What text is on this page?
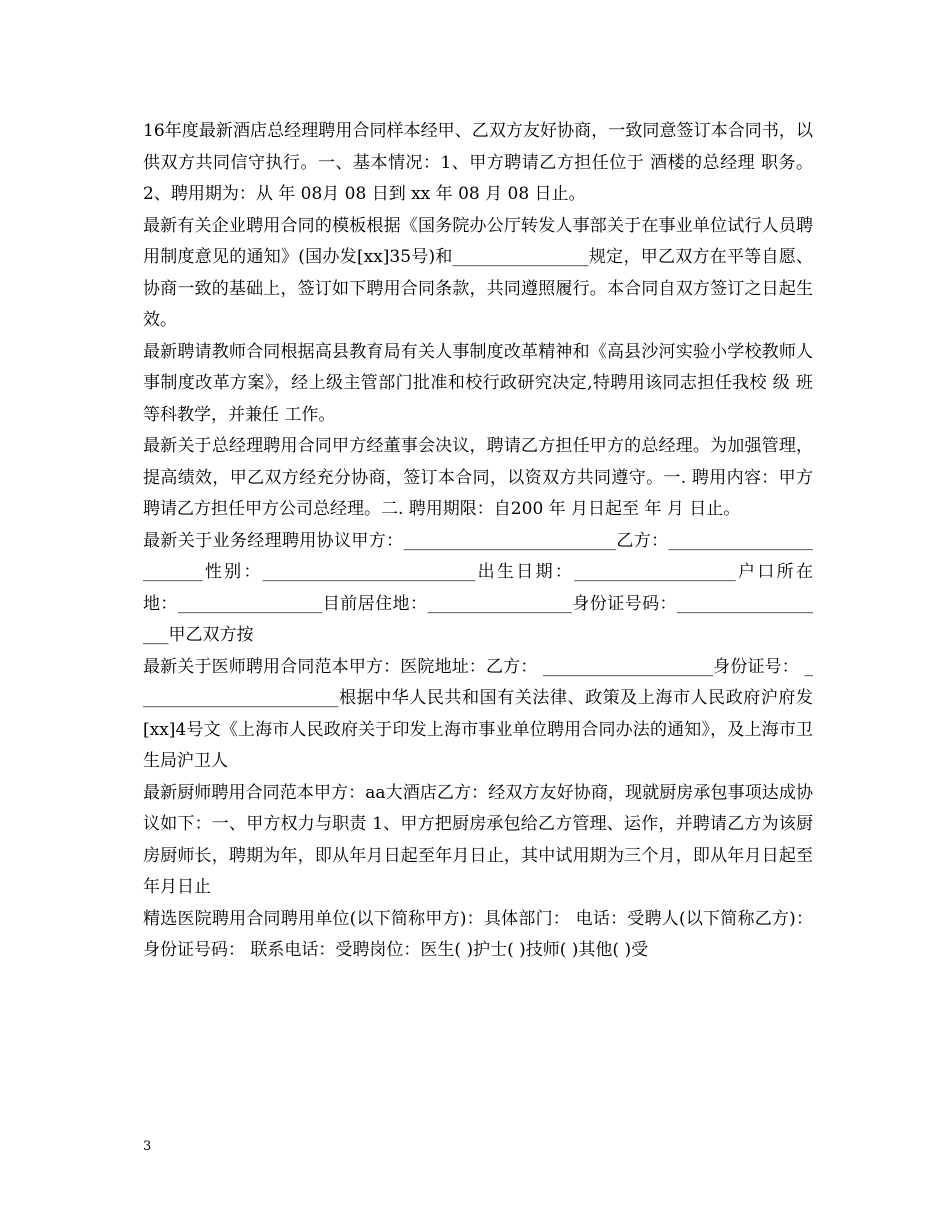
16年度最新酒店总经理聘用合同样本经甲、乙双方友好协商，一致同意签订本合同书，以供双方共同信守执行。一、基本情况：1、甲方聘请乙方担任位于 酒楼的总经理 职务。2、聘用期为：从 年 08月 08 日到 xx 年 08 月 08 日止。

最新有关企业聘用合同的模板根据《国务院办公厅转发人事部关于在事业单位试行人员聘用制度意见的通知》(国办发[xx]35号)和________________规定，甲乙双方在平等自愿、协商一致的基础上，签订如下聘用合同条款，共同遵照履行。本合同自双方签订之日起生效。

最新聘请教师合同根据高县教育局有关人事制度改革精神和《高县沙河实验小学校教师人事制度改革方案》，经上级主管部门批准和校行政研究决定,特聘用该同志担任我校 级 班 等科教学，并兼任 工作。

最新关于总经理聘用合同甲方经董事会决议，聘请乙方担任甲方的总经理。为加强管理，提高绩效，甲乙双方经充分协商，签订本合同，以资双方共同遵守。一. 聘用内容：甲方聘请乙方担任甲方公司总经理。二. 聘用期限：自200 年 月日起至 年 月 日止。

最新关于业务经理聘用协议甲方：_________________________乙方：________________________性别：_________________________出生日期：___________________户口所在地：_________________目前居住地：_________________身份证号码：___________________甲乙双方按

最新关于医师聘用合同范本甲方：医院地址：乙方： ____________________身份证号： ________________________根据中华人民共和国有关法律、政策及上海市人民政府沪府发[xx]4号文《上海市人民政府关于印发上海市事业单位聘用合同办法的通知》，及上海市卫生局沪卫人

最新厨师聘用合同范本甲方：aa大酒店乙方：经双方友好协商，现就厨房承包事项达成协议如下：一、甲方权力与职责 1、甲方把厨房承包给乙方管理、运作，并聘请乙方为该厨房厨师长，聘期为年，即从年月日起至年月日止，其中试用期为三个月，即从年月日起至年月日止

精选医院聘用合同聘用单位(以下简称甲方)：具体部门： 电话：受聘人(以下简称乙方)： 身份证号码： 联系电话：受聘岗位：医生( )护士( )技师( )其他( )受

3
